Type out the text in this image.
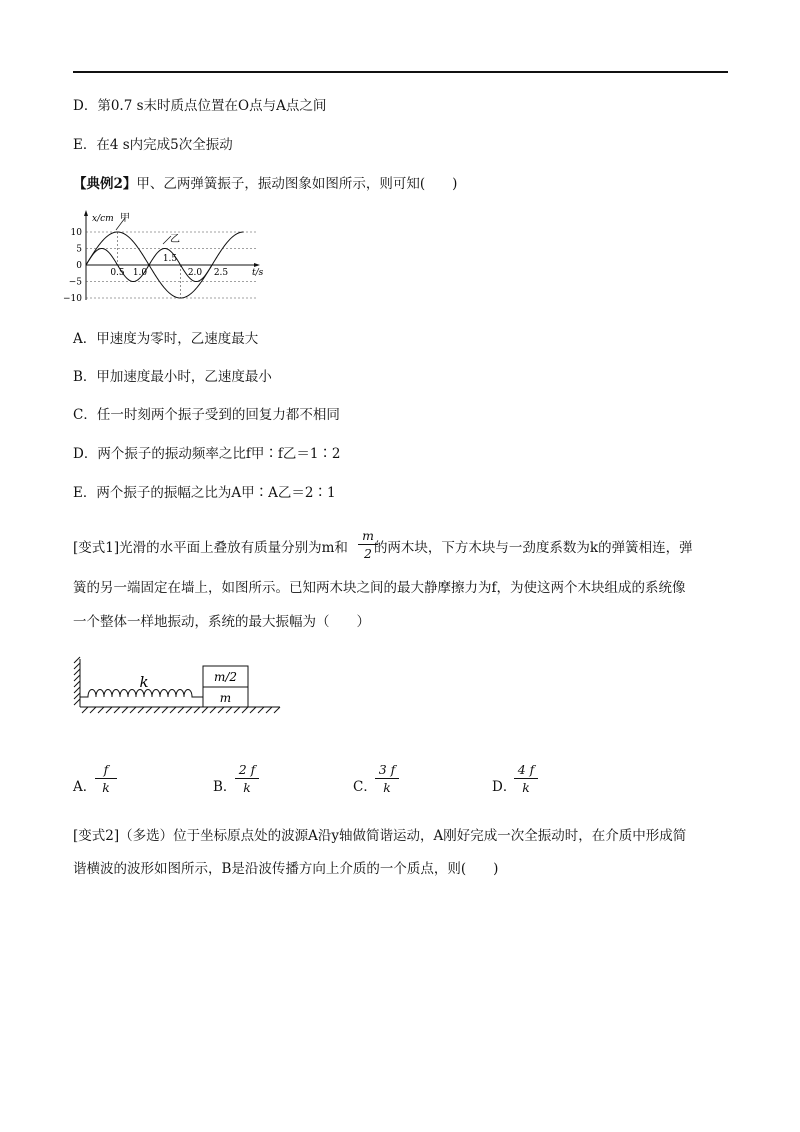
D．第0.7 s末时质点位置在O点与A点之间
E．在4 s内完成5次全振动
【典例2】甲、乙两弹簧振子，振动图象如图所示，则可知(　　)
x/cm 甲
乙
10
5
0
−5
−10
0.5 1.0
1.5
2.0 2.5	t/s
A．甲速度为零时，乙速度最大
B．甲加速度最小时，乙速度最小
C．任一时刻两个振子受到的回复力都不相同
D．两个振子的振动频率之比f甲∶f乙＝1∶2
E．两个振子的振幅之比为A甲∶A乙＝2∶1
[变式1]光滑的水平面上叠放有质量分别为m和 的两木块，下方木块与一劲度系数为k的弹簧相连，弹
$\frac{m}{2}$
簧的另一端固定在墙上，如图所示。已知两木块之间的最大静摩擦力为f，为使这两个木块组成的系统像
一个整体一样地振动，系统的最大振幅为（　　）
k
m
m/2
A．
$\frac{f}{k}$	B．
$\frac{2 f}{k}$	C．
$\frac{3 f}{k}$	D．
$\frac{4 f}{k}$
[变式2]（多选）位于坐标原点处的波源A沿y轴做简谐运动，A刚好完成一次全振动时，在介质中形成简
谐横波的波形如图所示，B是沿波传播方向上介质的一个质点，则(　　)
